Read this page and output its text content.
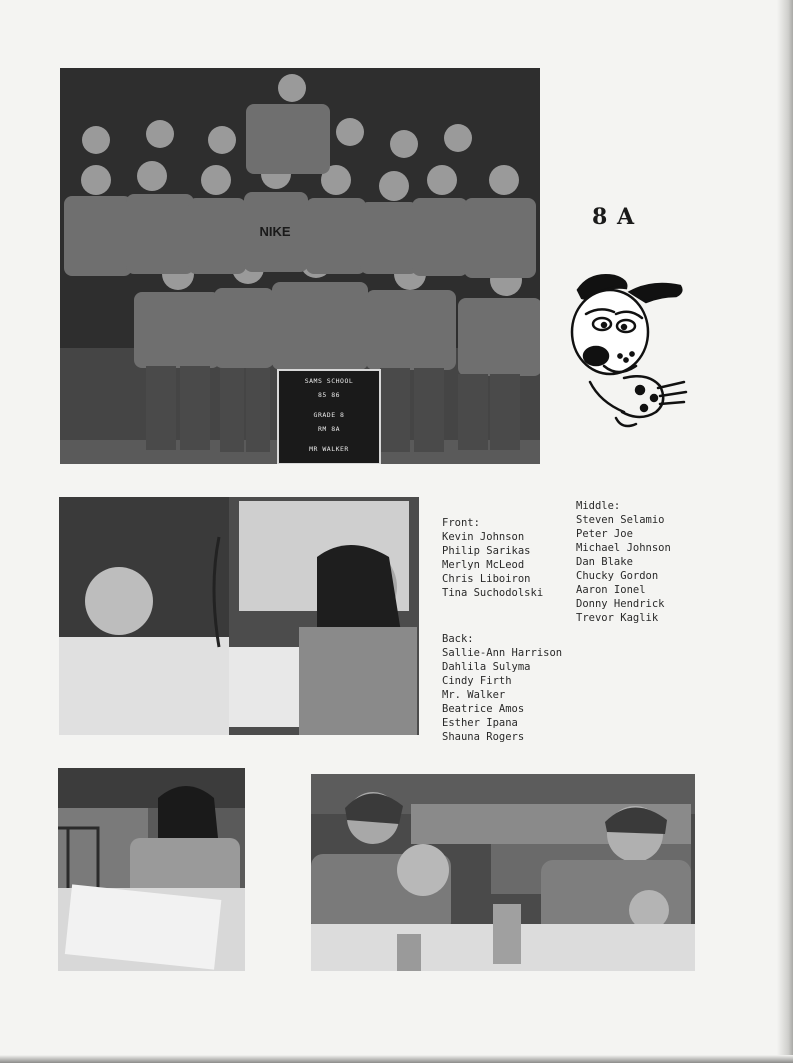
NIKE
SAMS SCHOOL
85 86
GRADE 8
RM 8A
MR WALKER
8 A
Front:
Kevin Johnson
Philip Sarikas
Merlyn McLeod
Chris Liboiron
Tina Suchodolski
Middle:
Steven Selamio
Peter Joe
Michael Johnson
Dan Blake
Chucky Gordon
Aaron Ionel
Donny Hendrick
Trevor Kaglik
Back:
Sallie-Ann Harrison
Dahlila Sulyma
Cindy Firth
Mr. Walker
Beatrice Amos
Esther Ipana
Shauna Rogers
